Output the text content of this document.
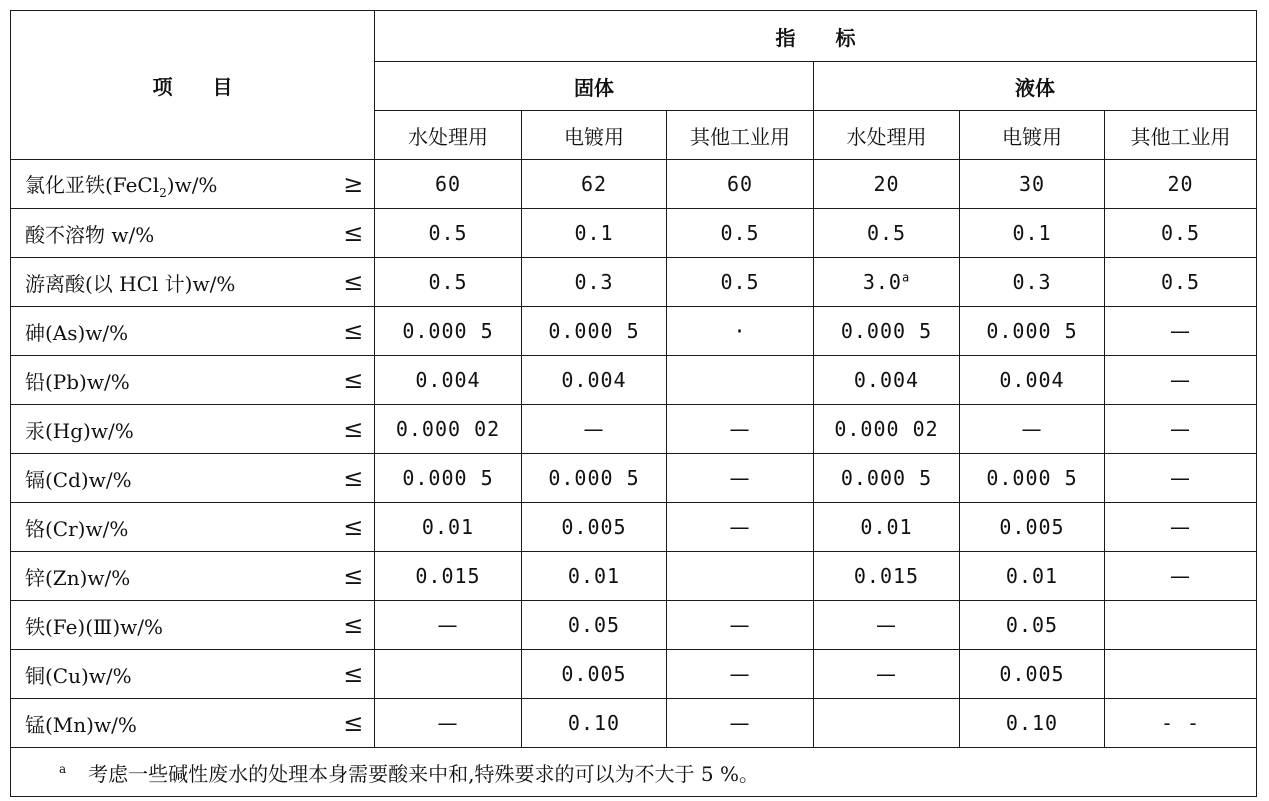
项　　目		指　　标					
		固体			液体		
		水处理用	电镀用	其他工业用	水处理用	电镀用	其他工业用
氯化亚铁(FeCl$_2$)w/%	≥	60	62	60	20	30	20
酸不溶物 w/%	≤	0.5	0.1	0.5	0.5	0.1	0.5
游离酸(以 HCl 计)w/%	≤	0.5	0.3	0.5	3.0$^a$	0.3	0.5
砷(As)w/%	≤	0.000 5	0.000 5	·	0.000 5	0.000 5	—
铅(Pb)w/%	≤	0.004	0.004		0.004	0.004	—
汞(Hg)w/%	≤	0.000 02	—	—	0.000 02	—	—
镉(Cd)w/%	≤	0.000 5	0.000 5	—	0.000 5	0.000 5	—
铬(Cr)w/%	≤	0.01	0.005	—	0.01	0.005	—
锌(Zn)w/%	≤	0.015	0.01		0.015	0.01	—
铁(Fe)(Ⅲ)w/%	≤	—	0.05	—	—	0.05	
铜(Cu)w/%	≤		0.005	—	—	0.005	
锰(Mn)w/%	≤	—	0.10	—		0.10	- -
$^a$ 考虑一些碱性废水的处理本身需要酸来中和,特殊要求的可以为不大于 5 %。							
